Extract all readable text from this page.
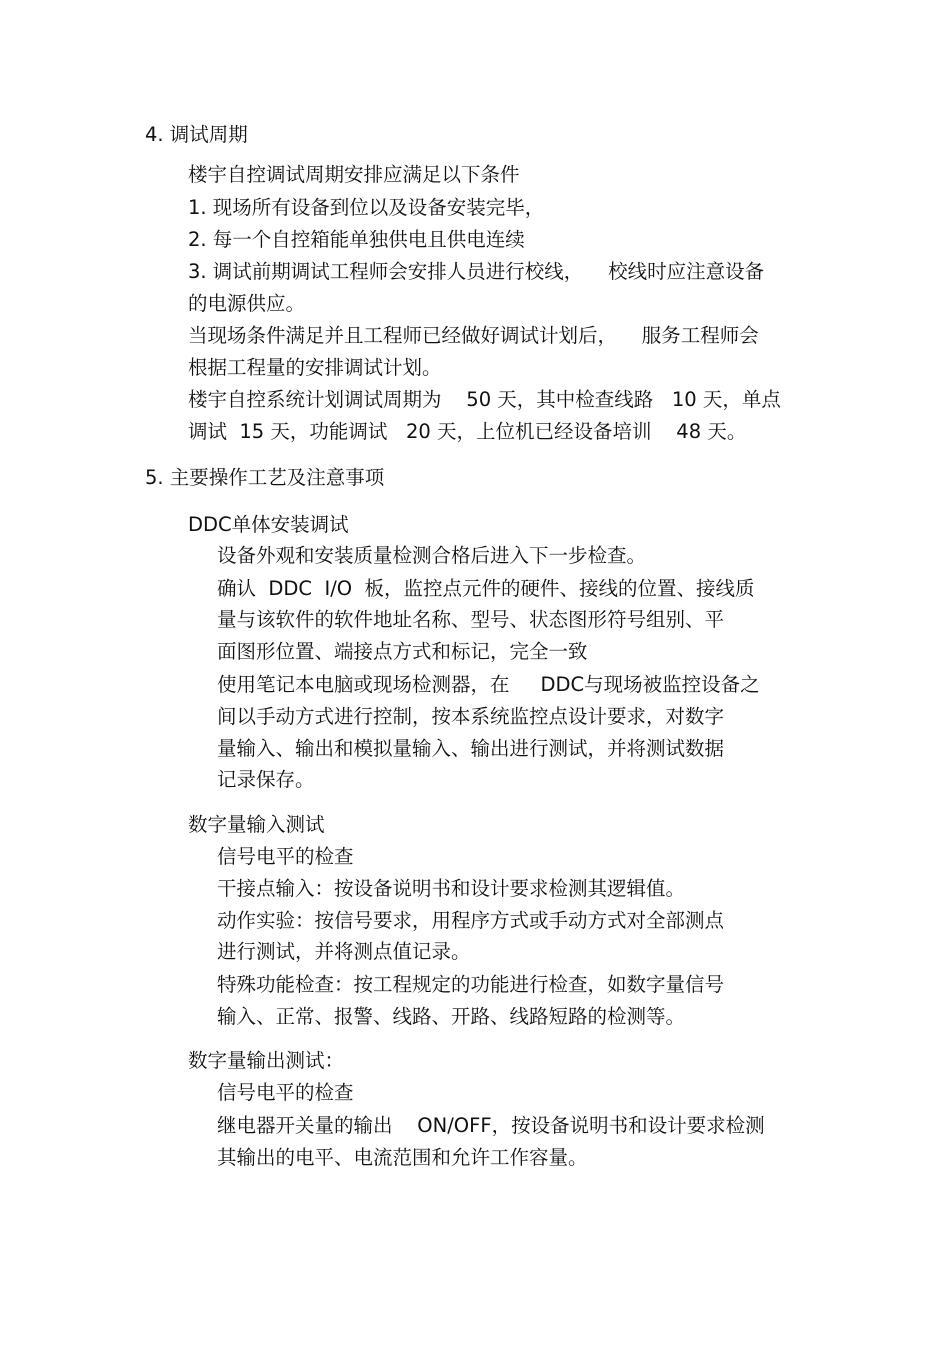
4. 调试周期
楼宇自控调试周期安排应满足以下条件
1. 现场所有设备到位以及设备安装完毕，
2. 每一个自控箱能单独供电且供电连续
3. 调试前期调试工程师会安排人员进行校线，    校线时应注意设备
的电源供应。
当现场条件满足并且工程师已经做好调试计划后，    服务工程师会
根据工程量的安排调试计划。
楼宇自控系统计划调试周期为    50 天，其中检查线路   10 天，单点
调试  15 天，功能调试   20 天，上位机已经设备培训    48 天。
5. 主要操作工艺及注意事项
DDC单体安装调试
设备外观和安装质量检测合格后进入下一步检查。
确认  DDC  I/O  板，监控点元件的硬件、接线的位置、接线质
量与该软件的软件地址名称、型号、状态图形符号组别、平
面图形位置、端接点方式和标记，完全一致
使用笔记本电脑或现场检测器，在     DDC与现场被监控设备之
间以手动方式进行控制，按本系统监控点设计要求，对数字
量输入、输出和模拟量输入、输出进行测试，并将测试数据
记录保存。
数字量输入测试
信号电平的检查
干接点输入：按设备说明书和设计要求检测其逻辑值。
动作实验：按信号要求，用程序方式或手动方式对全部测点
进行测试，并将测点值记录。
特殊功能检查：按工程规定的功能进行检查，如数字量信号
输入、正常、报警、线路、开路、线路短路的检测等。
数字量输出测试：
信号电平的检查
继电器开关量的输出    ON/OFF，按设备说明书和设计要求检测
其输出的电平、电流范围和允许工作容量。
